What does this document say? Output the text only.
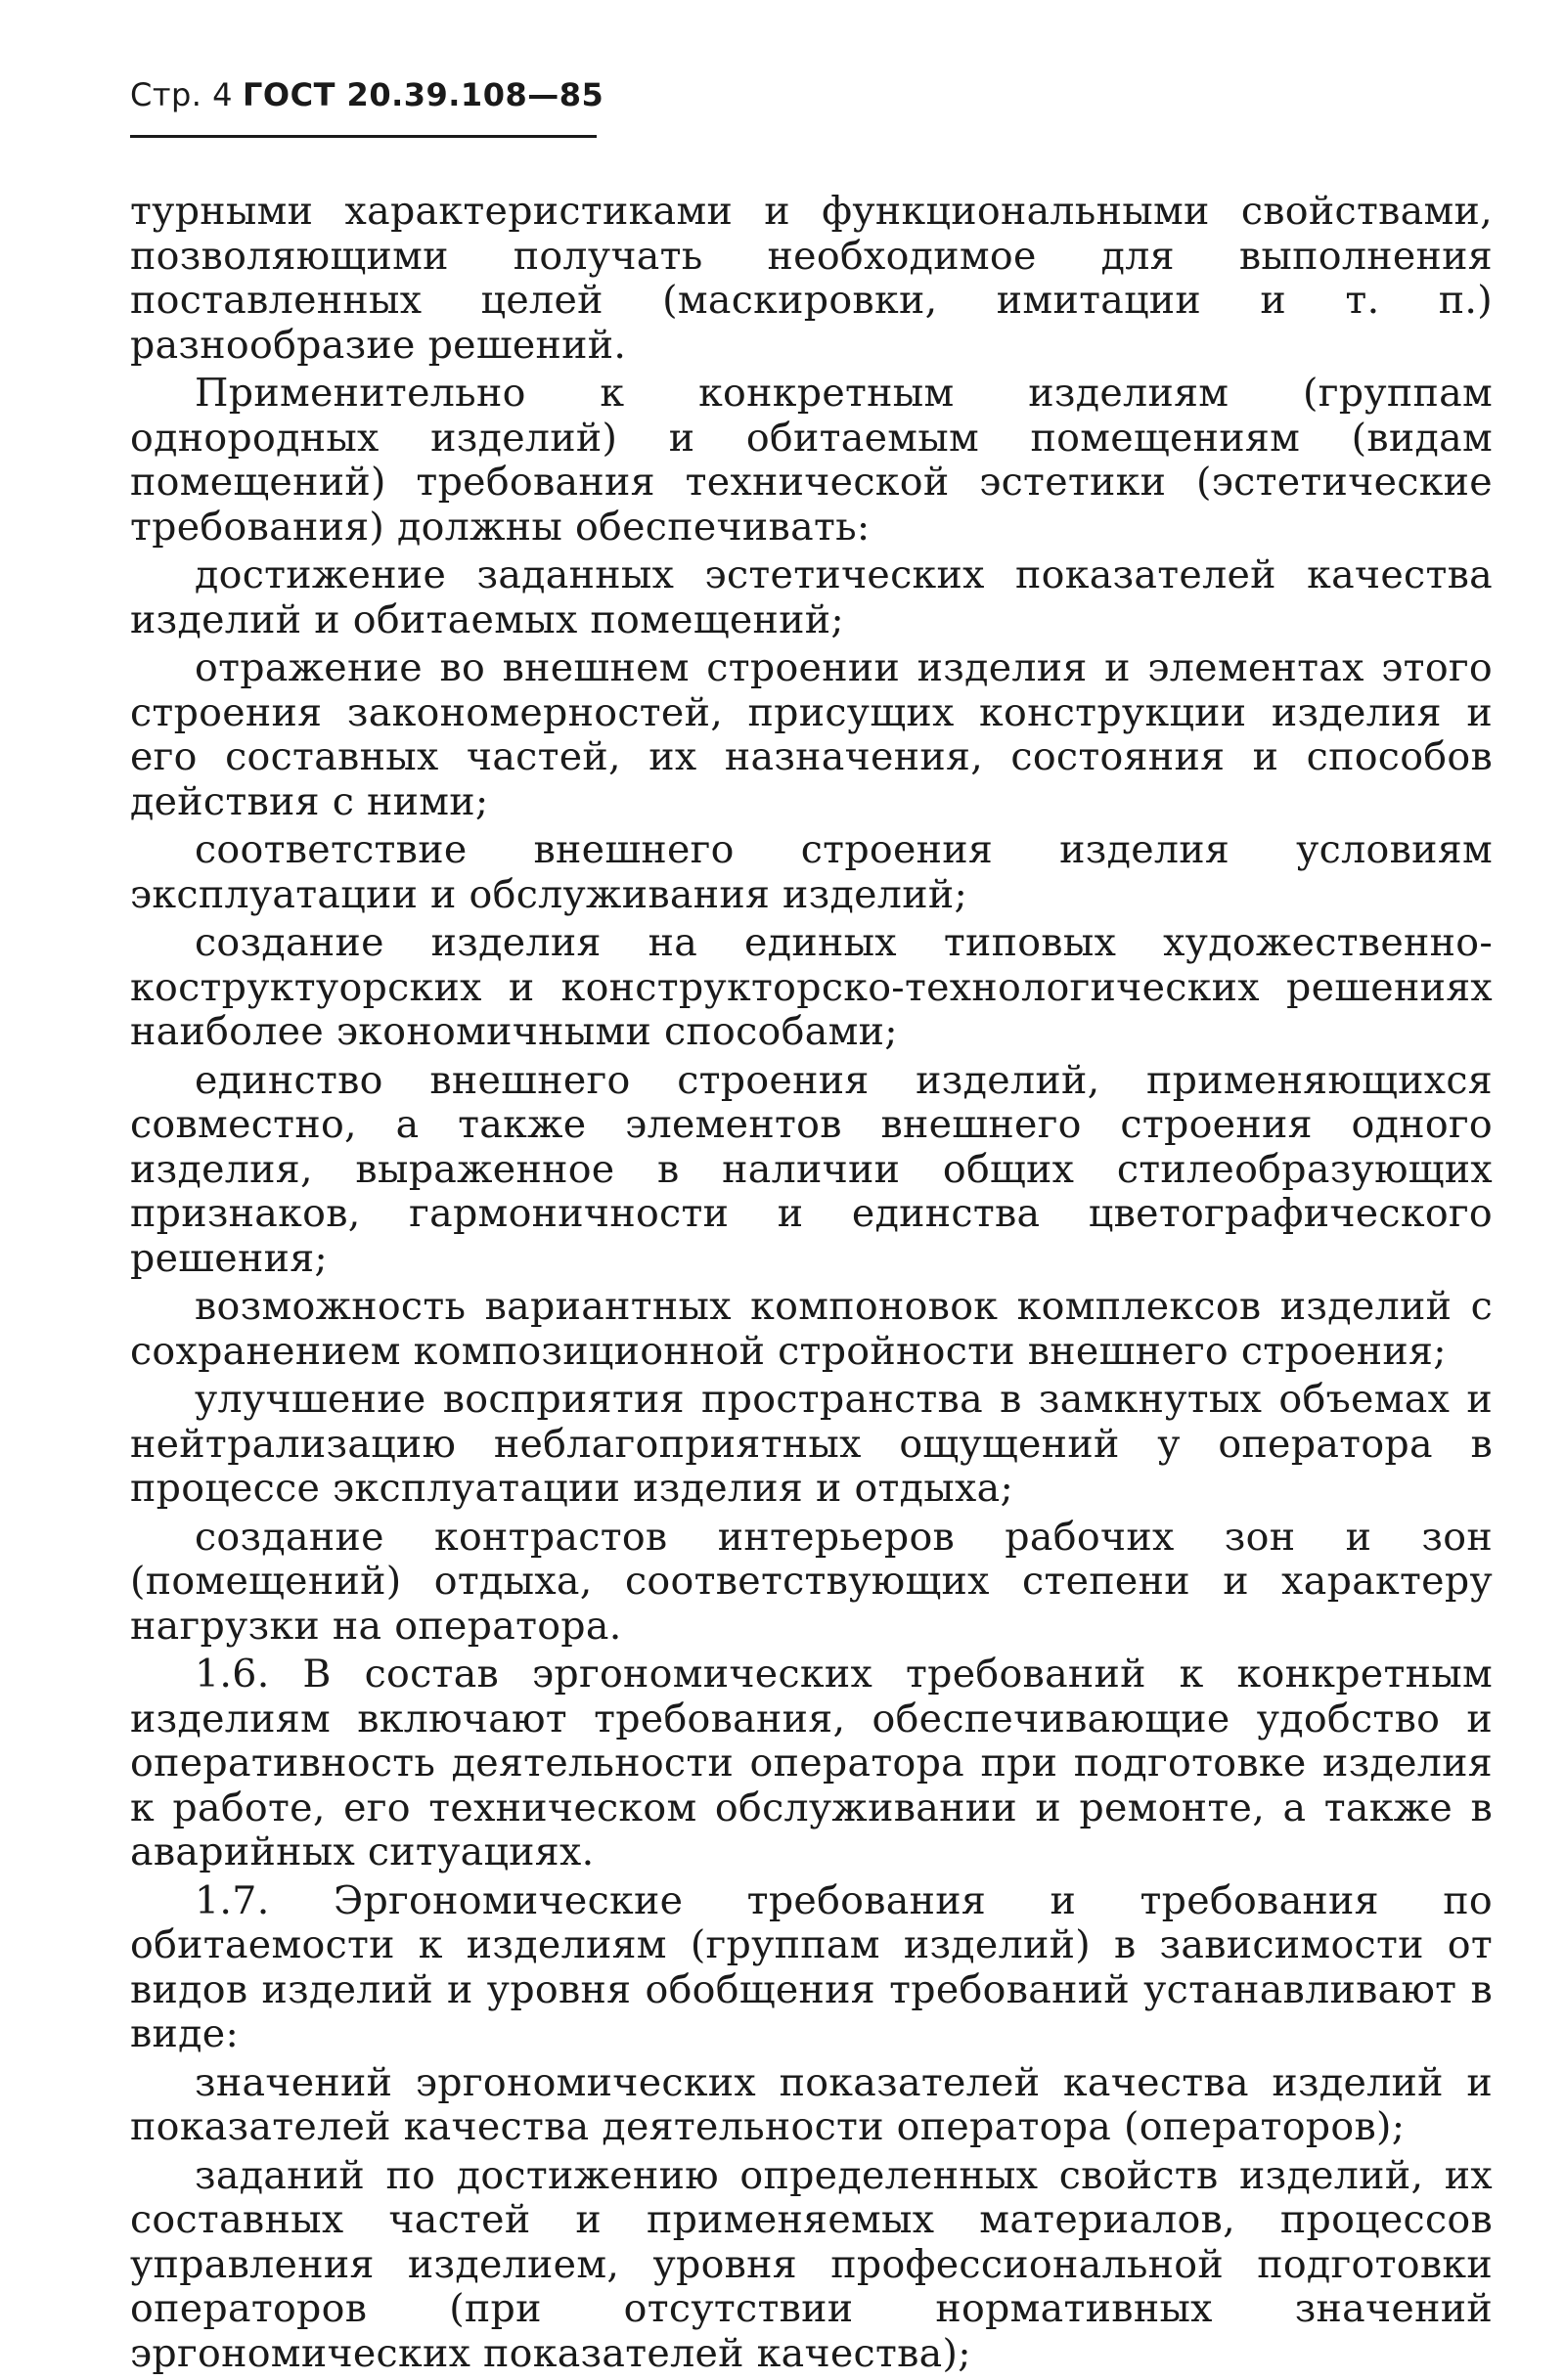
Стр. 4 ГОСТ 20.39.108—85

турными характеристиками и функциональными свойствами, позволяющими получать необходимое для выполнения поставленных целей (маскировки, имитации и т. п.) разнообразие решений.

Применительно к конкретным изделиям (группам однородных изделий) и обитаемым помещениям (видам помещений) требования технической эстетики (эстетические требования) должны обеспечивать:

достижение заданных эстетических показателей качества изделий и обитаемых помещений;

отражение во внешнем строении изделия и элементах этого строения закономерностей, присущих конструкции изделия и его составных частей, их назначения, состояния и способов действия с ними;

соответствие внешнего строения изделия условиям эксплуатации и обслуживания изделий;

создание изделия на единых типовых художественно-коструктуорских и конструкторско-технологических решениях наиболее экономичными способами;

единство внешнего строения изделий, применяющихся совместно, а также элементов внешнего строения одного изделия, выраженное в наличии общих стилеобразующих признаков, гармоничности и единства цветографического решения;

возможность вариантных компоновок комплексов изделий с сохранением композиционной стройности внешнего строения;

улучшение восприятия пространства в замкнутых объемах и нейтрализацию неблагоприятных ощущений у оператора в процессе эксплуатации изделия и отдыха;

создание контрастов интерьеров рабочих зон и зон (помещений) отдыха, соответствующих степени и характеру нагрузки на оператора.

1.6. В состав эргономических требований к конкретным изделиям включают требования, обеспечивающие удобство и оперативность деятельности оператора при подготовке изделия к работе, его техническом обслуживании и ремонте, а также в аварийных ситуациях.

1.7. Эргономические требования и требования по обитаемости к изделиям (группам изделий) в зависимости от видов изделий и уровня обобщения требований устанавливают в виде:

значений эргономических показателей качества изделий и показателей качества деятельности оператора (операторов);

заданий по достижению определенных свойств изделий, их составных частей и применяемых материалов, процессов управления изделием, уровня профессиональной подготовки операторов (при отсутствии нормативных значений эргономических показателей качества);
